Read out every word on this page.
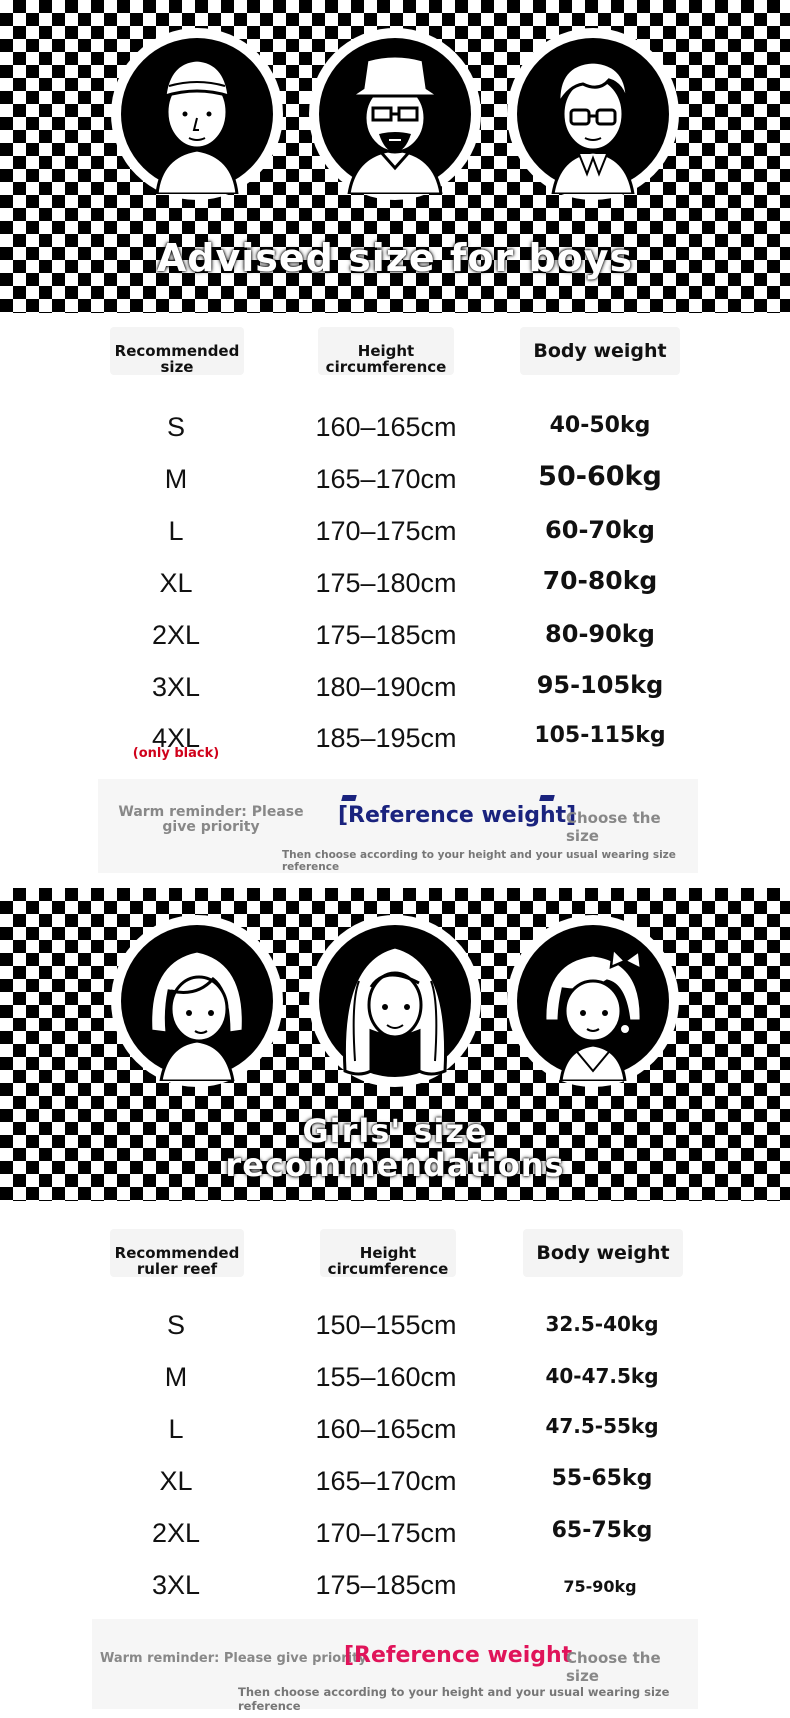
Advised size for boys
Recommended size
Height circumference
Body weight
S	160–165cm	40-50kg
M	165–170cm	50-60kg
L	170–175cm	60-70kg
XL	175–180cm	70-80kg
2XL	175–185cm	80-90kg
3XL	180–190cm	95-105kg
4XL	185–195cm	105-115kg
(only black)
Warm reminder: Please give priority	[Reference weight]
Choose the size
Then choose according to your height and your usual wearing size reference
Girls' size
recommendations
Recommended ruler reef
Height circumference
Body weight
S	150–155cm	32.5-40kg
M	155–160cm	40-47.5kg
L	160–165cm	47.5-55kg
XL	165–170cm	55-65kg
2XL	170–175cm	65-75kg
3XL	175–185cm	75-90kg
Warm reminder: Please give priority
[Reference weight
Choose the size
Then choose according to your height and your usual wearing size reference
